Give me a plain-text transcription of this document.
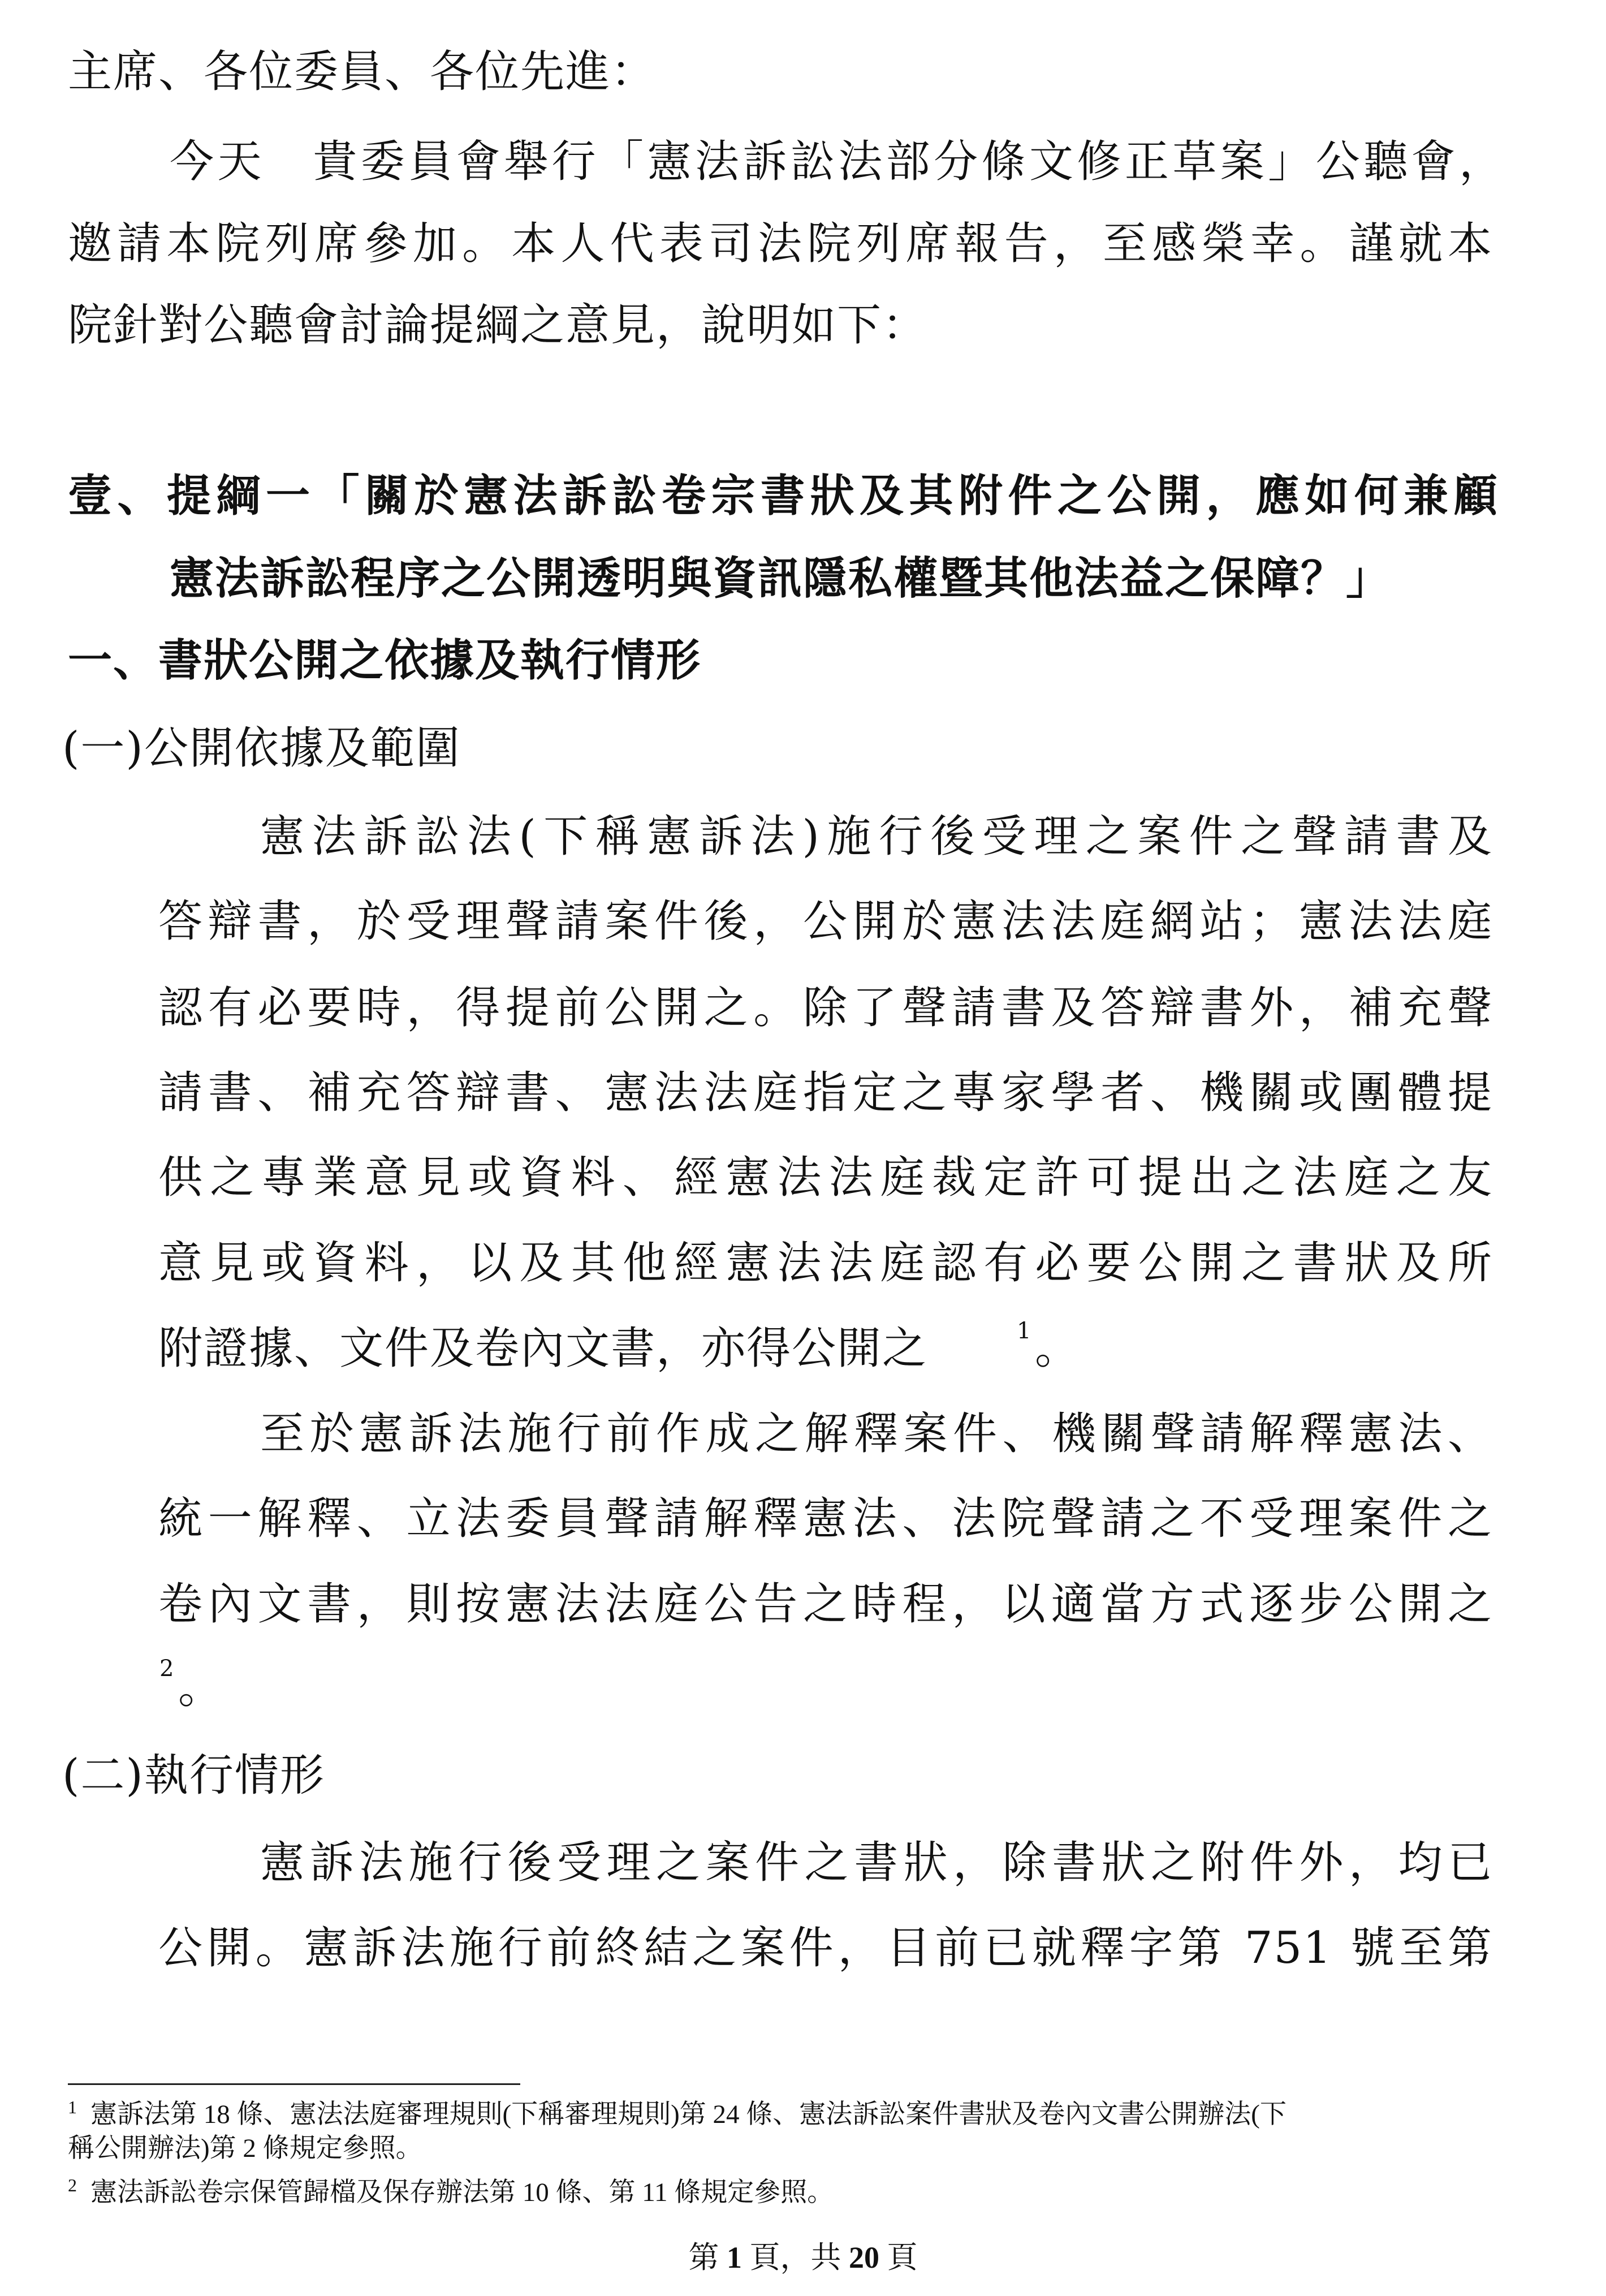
主席、各位委員、各位先進：
今天　貴委員會舉行「憲法訴訟法部分條文修正草案」公聽會，
邀請本院列席參加。本人代表司法院列席報告，至感榮幸。謹就本
院針對公聽會討論提綱之意見，說明如下：
壹、提綱一「關於憲法訴訟卷宗書狀及其附件之公開，應如何兼顧
憲法訴訟程序之公開透明與資訊隱私權暨其他法益之保障？」
一、書狀公開之依據及執行情形
(一)公開依據及範圍
憲法訴訟法(下稱憲訴法)施行後受理之案件之聲請書及
答辯書，於受理聲請案件後，公開於憲法法庭網站；憲法法庭
認有必要時，得提前公開之。除了聲請書及答辯書外，補充聲
請書、補充答辯書、憲法法庭指定之專家學者、機關或團體提
供之專業意見或資料、經憲法法庭裁定許可提出之法庭之友
意見或資料，以及其他經憲法法庭認有必要公開之書狀及所
附證據、文件及卷內文書，亦得公開之	1 。
至於憲訴法施行前作成之解釋案件、機關聲請解釋憲法、
統一解釋、立法委員聲請解釋憲法、法院聲請之不受理案件之
卷內文書，則按憲法法庭公告之時程，以適當方式逐步公開之
2 。
(二)執行情形
憲訴法施行後受理之案件之書狀，除書狀之附件外，均已
公開。憲訴法施行前終結之案件，目前已就釋字第 751 號至第
1 憲訴法第 18 條、憲法法庭審理規則(下稱審理規則)第 24 條、憲法訴訟案件書狀及卷內文書公開辦法(下
稱公開辦法)第 2 條規定參照。
2 憲法訴訟卷宗保管歸檔及保存辦法第 10 條、第 11 條規定參照。
第 1 頁，共 20 頁
